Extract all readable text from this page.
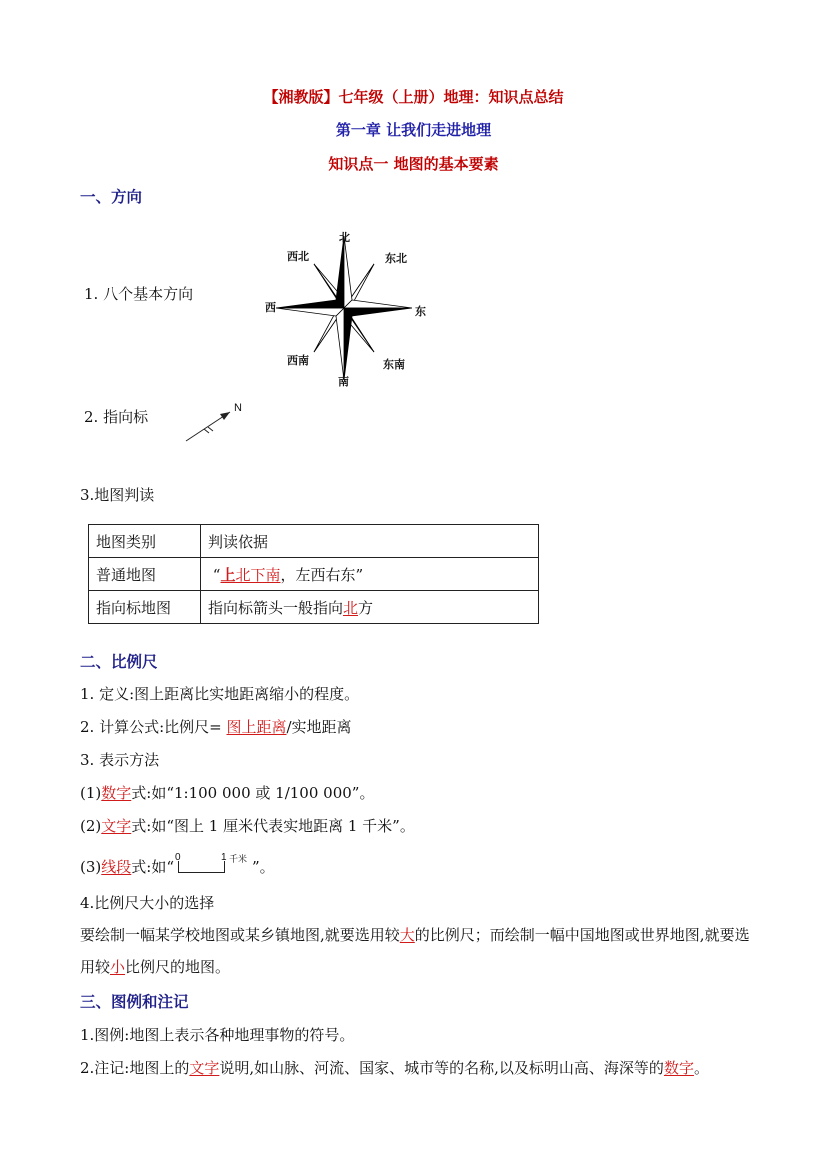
【湘教版】七年级（上册）地理：知识点总结
第一章 让我们走进地理
知识点一 地图的基本要素
一、方向
1. 八个基本方向
北
东北
东
东南
南
西南
西
西北
2. 指向标	N
3.地图判读
地图类别	判读依据
普通地图	“上北下南，左西右东”
指向标地图	指向标箭头一般指向北方
二、比例尺
1. 定义:图上距离比实地距离缩小的程度。
2. 计算公式:比例尺= 图上距离/实地距离
3. 表示方法
(1)数字式:如“1:100 000 或 1/100 000”。
(2)文字式:如“图上 1 厘米代表实地距离 1 千米”。
(3)线段式:如“
0	1 千米 ”。
4.比例尺大小的选择
要绘制一幅某学校地图或某乡镇地图,就要选用较大的比例尺；而绘制一幅中国地图或世界地图,就要选用较小比例尺的地图。
三、图例和注记
1.图例:地图上表示各种地理事物的符号。
2.注记:地图上的文字说明,如山脉、河流、国家、城市等的名称,以及标明山高、海深等的数字。
